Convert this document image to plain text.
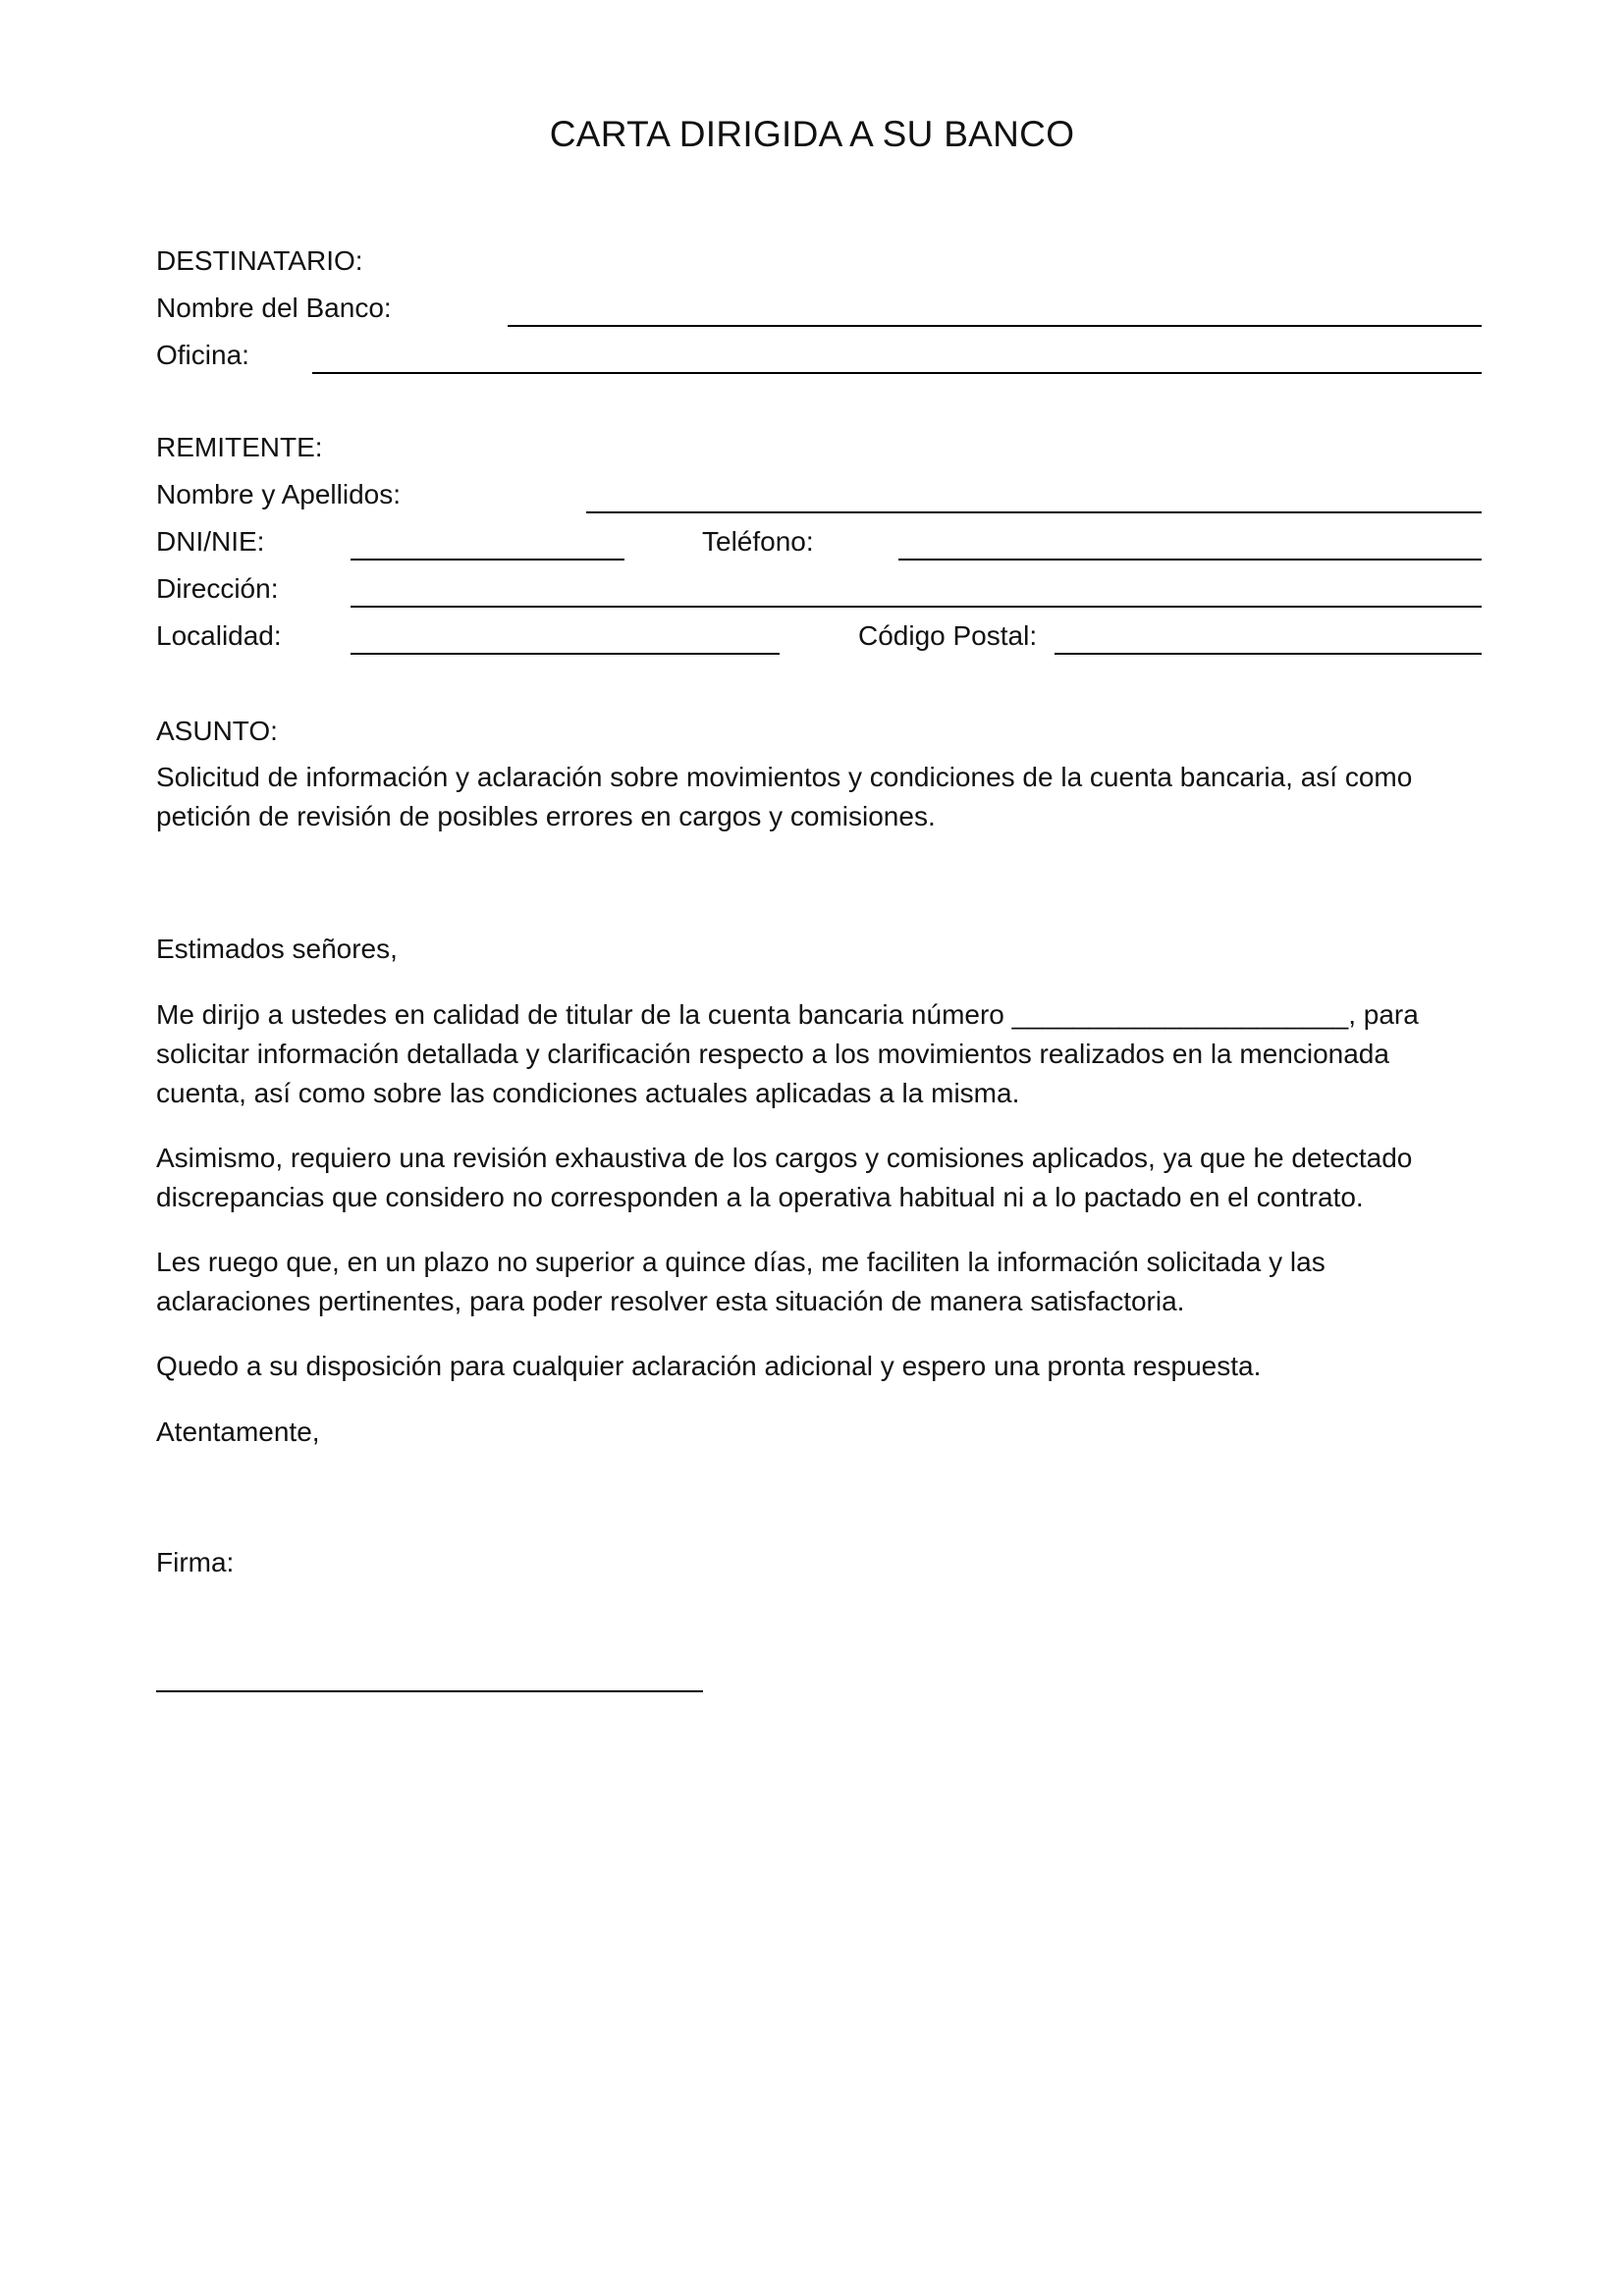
CARTA DIRIGIDA A SU BANCO
DESTINATARIO:
Nombre del Banco:
Oficina:
REMITENTE:
Nombre y Apellidos:
DNI/NIE:	Teléfono:
Dirección:
Localidad:	Código Postal:
ASUNTO:
Solicitud de información y aclaración sobre movimientos y condiciones de la cuenta bancaria, así como petición de revisión de posibles errores en cargos y comisiones.
Estimados señores,
Me dirijo a ustedes en calidad de titular de la cuenta bancaria número ______________________, para solicitar información detallada y clarificación respecto a los movimientos realizados en la mencionada cuenta, así como sobre las condiciones actuales aplicadas a la misma.
Asimismo, requiero una revisión exhaustiva de los cargos y comisiones aplicados, ya que he detectado discrepancias que considero no corresponden a la operativa habitual ni a lo pactado en el contrato.
Les ruego que, en un plazo no superior a quince días, me faciliten la información solicitada y las aclaraciones pertinentes, para poder resolver esta situación de manera satisfactoria.
Quedo a su disposición para cualquier aclaración adicional y espero una pronta respuesta.
Atentamente,
Firma:
